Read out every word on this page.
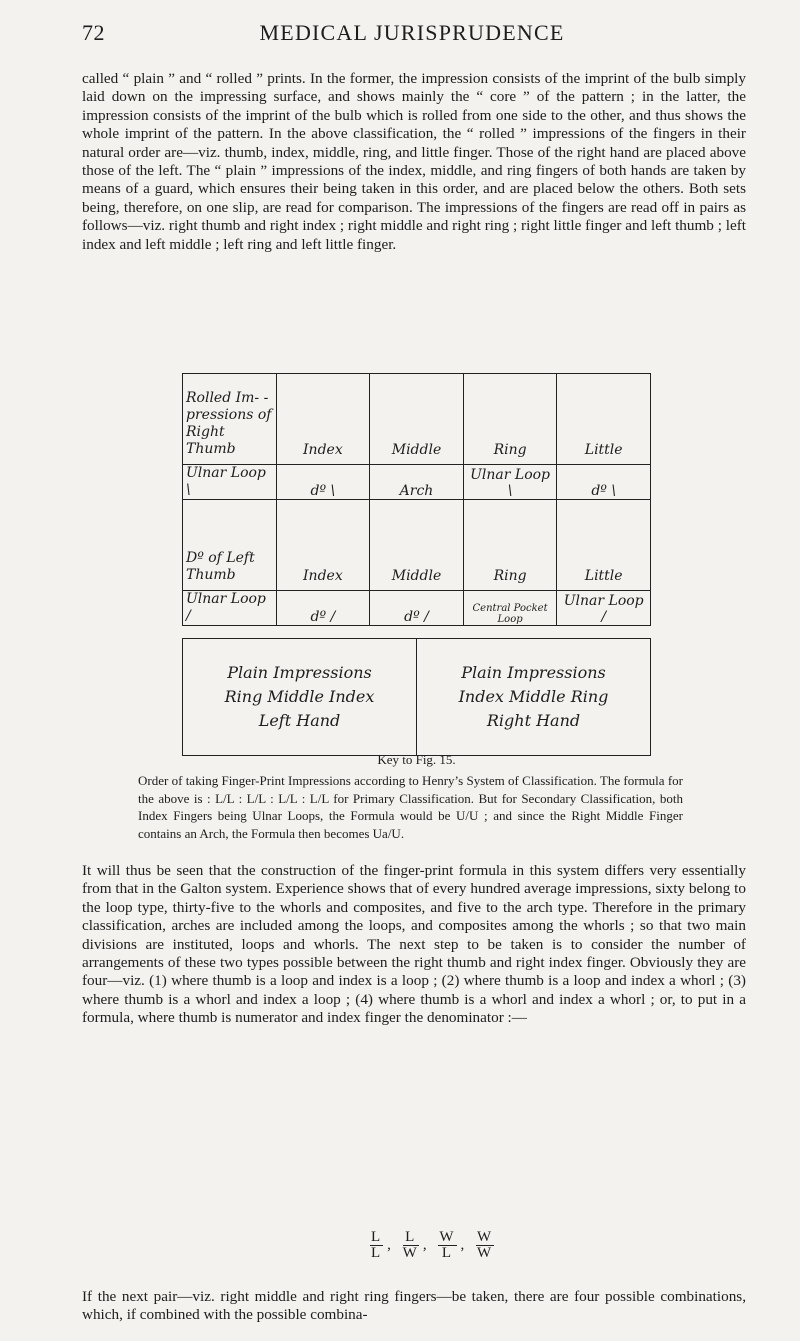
72	MEDICAL JURISPRUDENCE

called “ plain ” and “ rolled ” prints. In the former, the impression consists of the imprint of the bulb simply laid down on the impressing surface, and shows mainly the “ core ” of the pattern ; in the latter, the impression consists of the imprint of the bulb which is rolled from one side to the other, and thus shows the whole imprint of the pattern. In the above classification, the “ rolled ” impressions of the fingers in their natural order are—viz. thumb, index, middle, ring, and little finger. Those of the right hand are placed above those of the left. The “ plain ” impressions of the index, middle, and ring fingers of both hands are taken by means of a guard, which ensures their being taken in this order, and are placed below the others. Both sets being, therefore, on one slip, are read for comparison. The impressions of the fingers are read off in pairs as follows—viz. right thumb and right index ; right middle and right ring ; right little finger and left thumb ; left index and left middle ; left ring and left little finger.

Rolled Im- -pressions of Right Thumb	Index	Middle	Ring	Little
Ulnar Loop \	dº \	Arch	Ulnar Loop \	dº \
Dº of Left Thumb	Index	Middle	Ring	Little
Ulnar Loop /	dº /	dº /	Central Pocket Loop	Ulnar Loop /
Plain Impressions
Ring Middle Index
Left Hand

Plain Impressions
Index Middle Ring
Right Hand
Key to Fig. 15.

Order of taking Finger-Print Impressions according to Henry’s System of Classification. The formula for the above is : L/L : L/L : L/L : L/L for Primary Classification. But for Secondary Classification, both Index Fingers being Ulnar Loops, the Formula would be U/U ; and since the Right Middle Finger contains an Arch, the Formula then becomes Ua/U.

It will thus be seen that the construction of the finger-print formula in this system differs very essentially from that in the Galton system. Experience shows that of every hundred average impressions, sixty belong to the loop type, thirty-five to the whorls and composites, and five to the arch type. Therefore in the primary classification, arches are included among the loops, and composites among the whorls ; so that two main divisions are instituted, loops and whorls. The next step to be taken is to consider the number of arrangements of these two types possible between the right thumb and right index finger. Obviously they are four—viz. (1) where thumb is a loop and index is a loop ; (2) where thumb is a loop and index a whorl ; (3) where thumb is a whorl and index a loop ; (4) where thumb is a whorl and index a whorl ; or, to put in a formula, where thumb is numerator and index finger the denominator :—

$\frac{L}{L}$ , $\frac{L}{W}$ , $\frac{W}{L}$ , $\frac{W}{W}$

If the next pair—viz. right middle and right ring fingers—be taken, there are four possible combinations, which, if combined with the possible combina-
